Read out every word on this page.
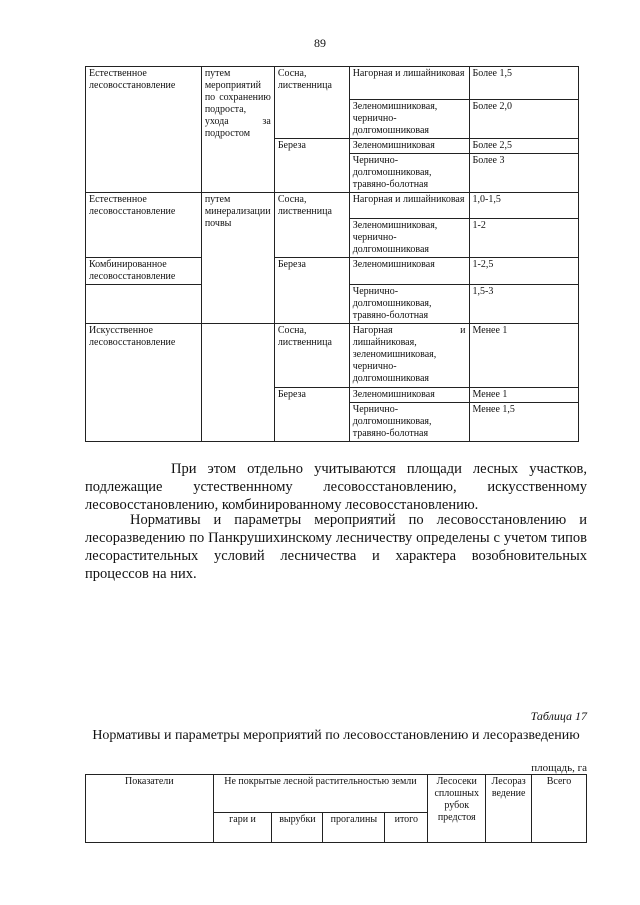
89
Естественное лесовосстановление	путем мероприятий по сохранению подроста, ухода за подростом	Сосна, лиственница	Нагорная и лишайниковая	Более 1,5
			Зеленомишниковая, чернично-долгомошниковая	Более 2,0
		Береза	Зеленомишниковая	Более 2,5
			Чернично-долгомошниковая, травяно-болотная	Более 3
Естественное лесовосстановление	путем минерализации почвы	Сосна, лиственница	Нагорная и лишайниковая	1,0-1,5
			Зеленомишниковая, чернично-долгомошниковая	1-2
Комбинированное лесовосстановление		Береза	Зеленомишниковая	1-2,5
			Чернично-долгомошниковая, травяно-болотная	1,5-3
Искусственное лесовосстановление		Сосна, лиственница	Нагорная и лишайниковая, зеленомишниковая, чернично-долгомошниковая	Менее 1
		Береза	Зеленомишниковая	Менее 1
			Чернично-долгомошниковая, травяно-болотная	Менее 1,5

При этом отдельно учитываются площади лесных участков, подлежащие устественнному лесовосстановлению, искусственному лесовосстановлению, комбинированному лесовосстановлению.

Нормативы и параметры мероприятий по лесовосстановлению и лесоразведению по Панкрушихинскому лесничеству определены с учетом типов лесорастительных условий лесничества и характера возобновительных процессов на них.

Таблица 17
Нормативы и параметры мероприятий по лесовосстановлению и лесоразведению
площадь, га
Показатели	Не покрытые лесной растительностью земли				Лесосеки сплошных рубок предстоя	Лесоразведение	Всего
	гари и	вырубки	прогалины	итого			
